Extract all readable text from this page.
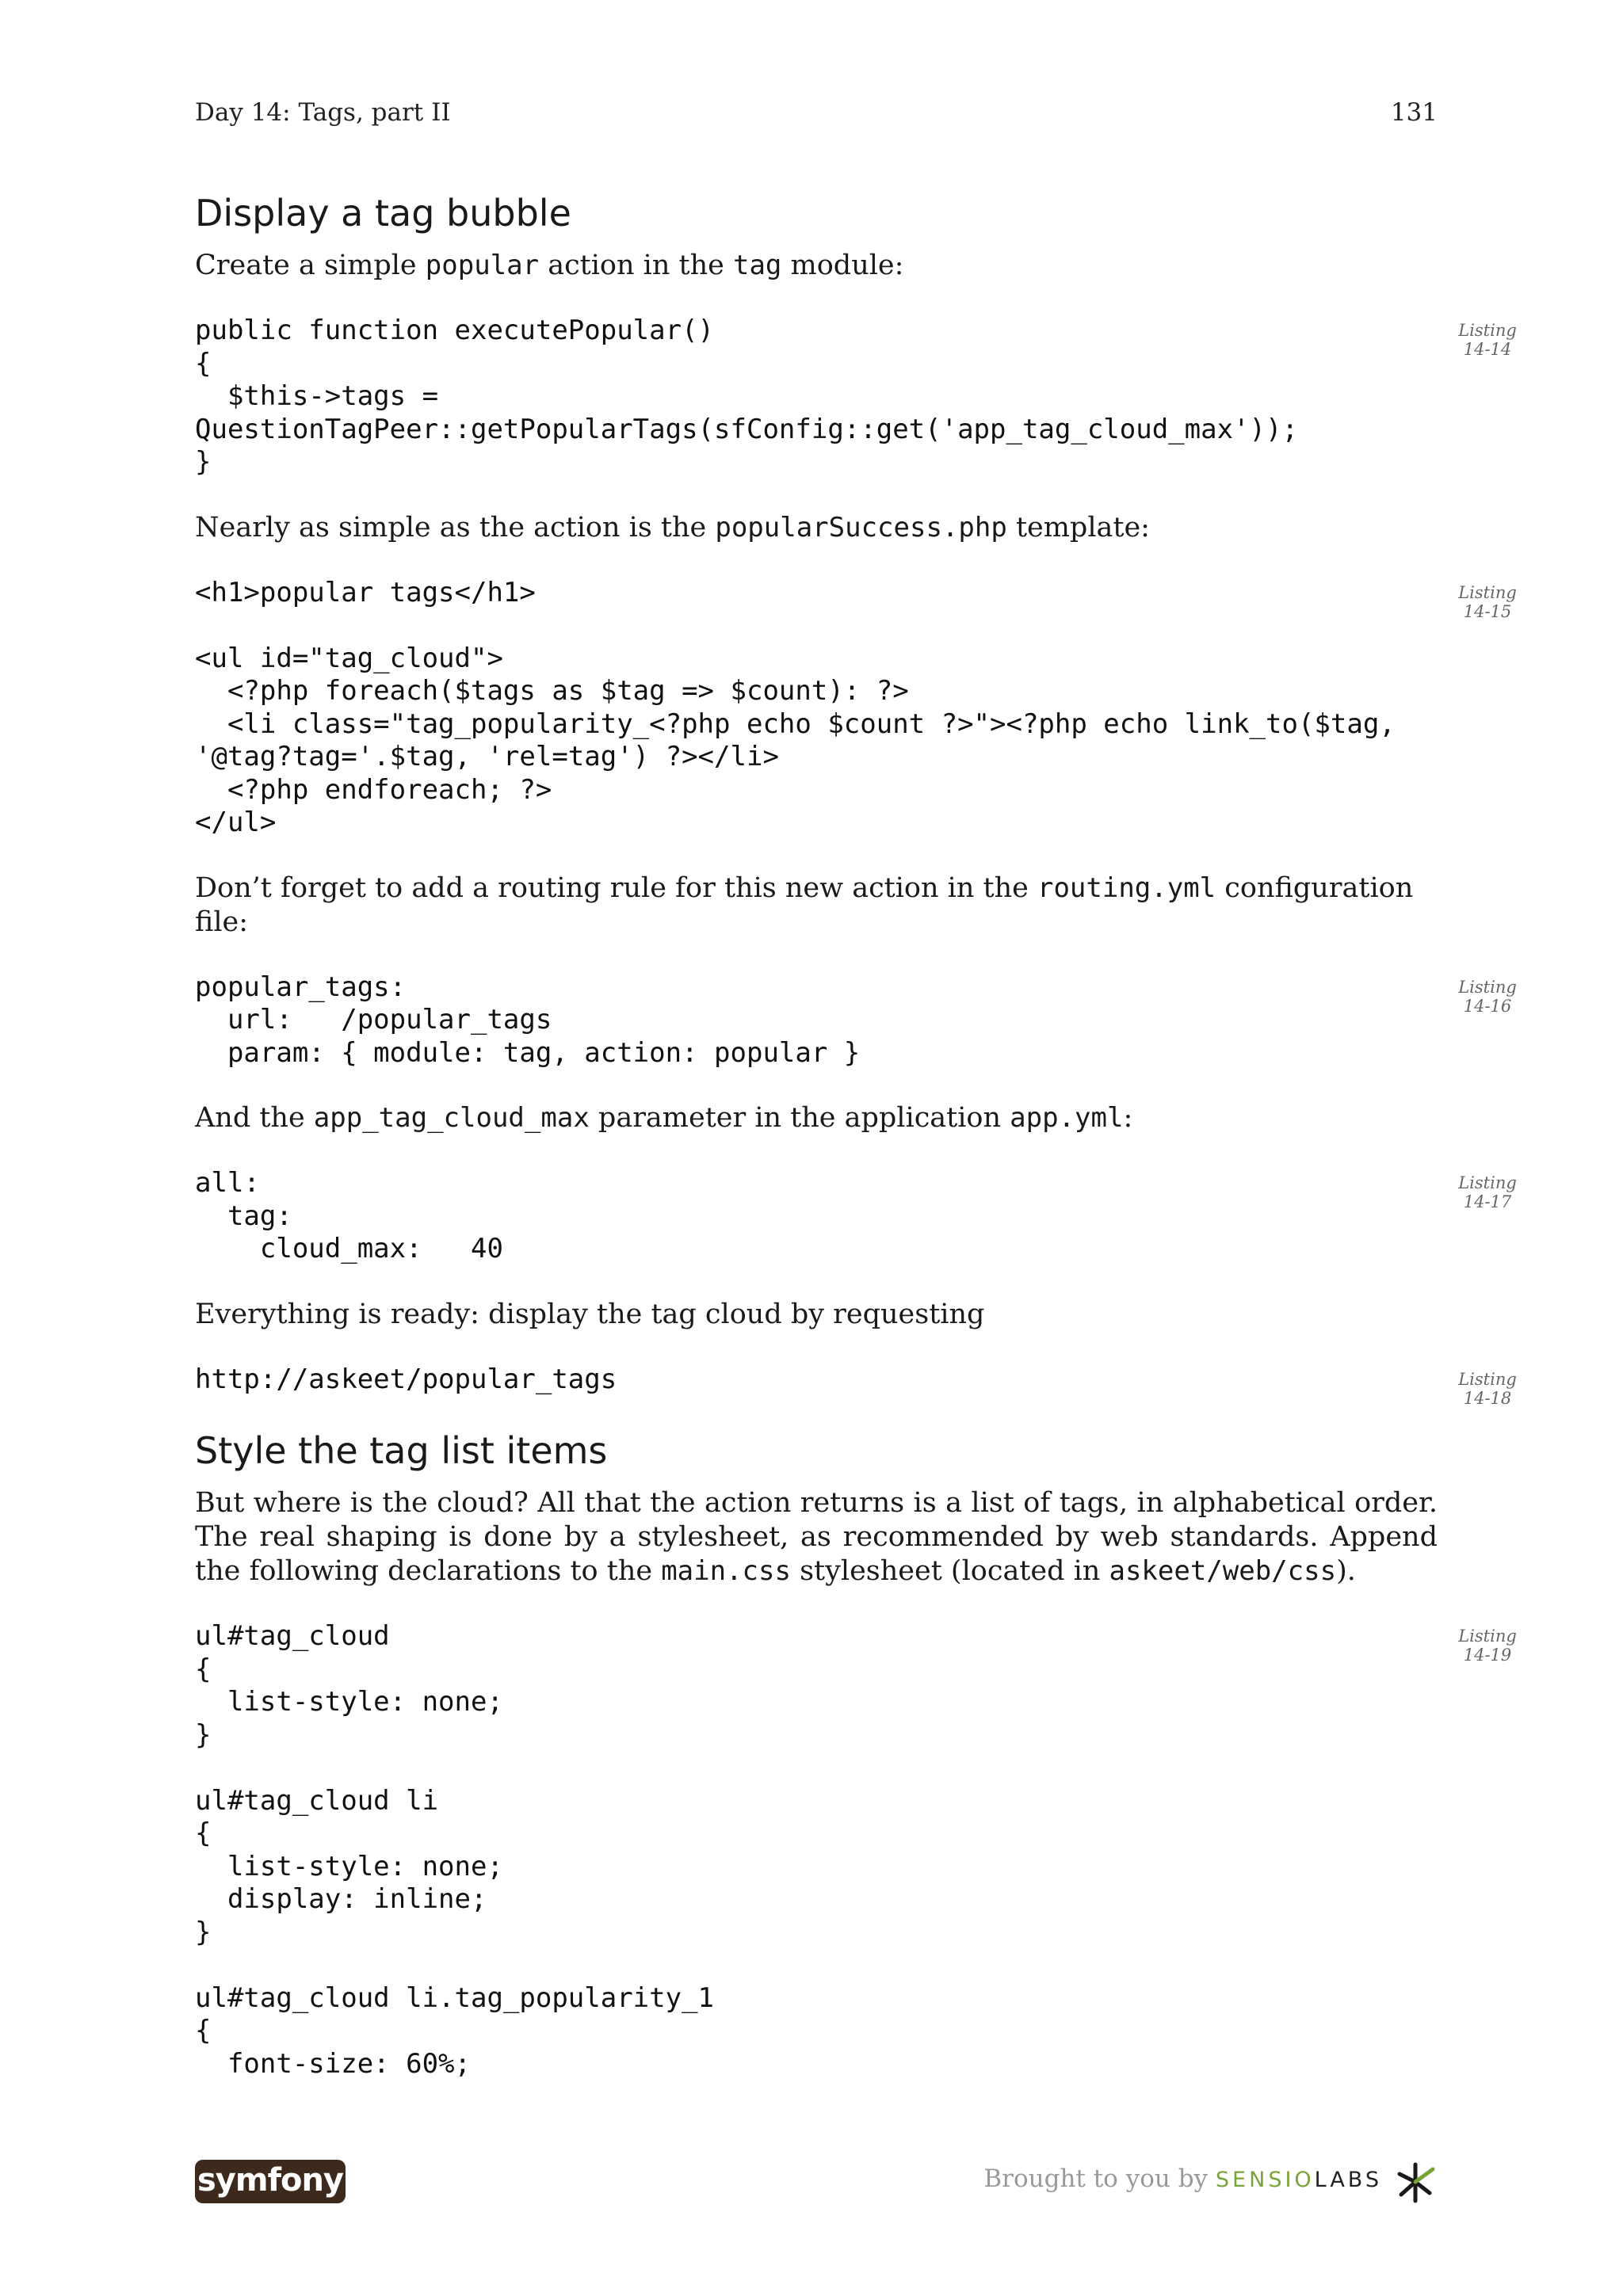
Day 14: Tags, part II	131
Display a tag bubble

Create a simple popular action in the tag module:

public function executePopular()
{
$this->tags =
QuestionTagPeer::getPopularTags(sfConfig::get('app_tag_cloud_max'));
}
Listing
14-14

Nearly as simple as the action is the popularSuccess.php template:

<h1>popular tags</h1>

<ul id="tag_cloud">
<?php foreach($tags as $tag => $count): ?>
<li class="tag_popularity_<?php echo $count ?>"><?php echo link_to($tag,
'@tag?tag='.$tag, 'rel=tag') ?></li>
<?php endforeach; ?>
</ul>
Listing
14-15

Don’t forget to add a routing rule for this new action in the routing.yml configuration file:

popular_tags:
url:   /popular_tags
param: { module: tag, action: popular }
Listing
14-16

And the app_tag_cloud_max parameter in the application app.yml:

all:
tag:
cloud_max:   40
Listing
14-17

Everything is ready: display the tag cloud by requesting

http://askeet/popular_tags	Listing
14-18
Style the tag list items

But where is the cloud? All that the action returns is a list of tags, in alphabetical order. The real shaping is done by a stylesheet, as recommended by web standards. Append the following declarations to the main.css stylesheet (located in askeet/web/css).

ul#tag_cloud
{
list-style: none;
}

ul#tag_cloud li
{
list-style: none;
display: inline;
}

ul#tag_cloud li.tag_popularity_1
{
font-size: 60%;
Listing
14-19
symfony	Brought to you by SENSIOLABS
